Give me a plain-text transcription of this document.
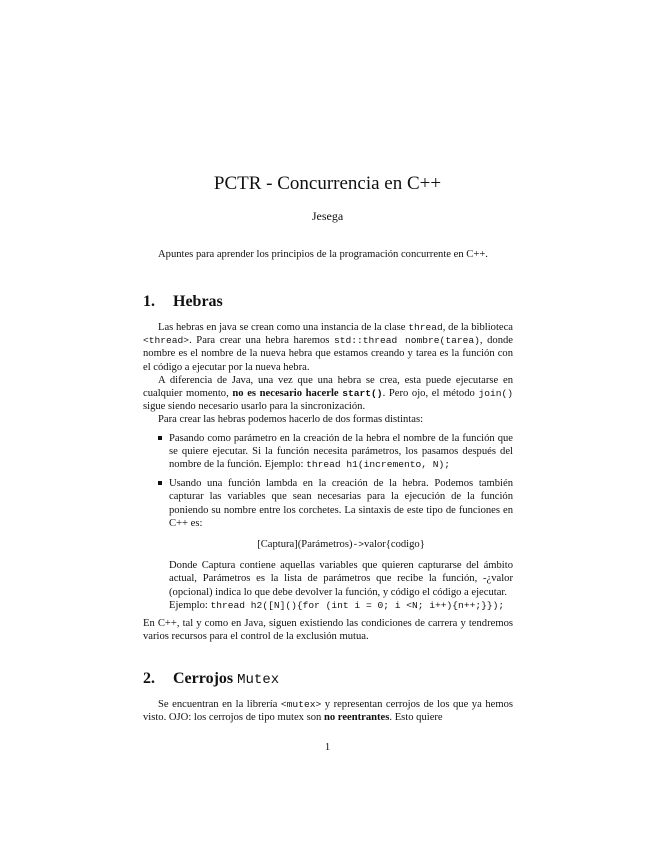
PCTR - Concurrencia en C++
Jesega

Apuntes para aprender los principios de la programación concurrente en C++.

1. Hebras

Las hebras en java se crean como una instancia de la clase thread, de la biblioteca <thread>. Para crear una hebra haremos std::thread nombre(tarea), donde nombre es el nombre de la nueva hebra que estamos creando y tarea es la función con el código a ejecutar por la nueva hebra.

A diferencia de Java, una vez que una hebra se crea, esta puede ejecutarse en cualquier momento, no es necesario hacerle start(). Pero ojo, el método join() sigue siendo necesario usarlo para la sincronización.

Para crear las hebras podemos hacerlo de dos formas distintas:

Pasando como parámetro en la creación de la hebra el nombre de la función que se quiere ejecutar. Si la función necesita parámetros, los pasamos después del nombre de la función. Ejemplo: thread h1(incremento, N);

Usando una función lambda en la creación de la hebra. Podemos también capturar las variables que sean necesarias para la ejecución de la función poniendo su nombre entre los corchetes. La sintaxis de este tipo de funciones en C++ es:

[Captura](Parámetros)->valor{codigo}

Donde Captura contiene aquellas variables que quieren capturarse del ámbito actual, Parámetros es la lista de parámetros que recibe la función, -¿valor (opcional) indica lo que debe devolver la función, y código el código a ejecutar.

Ejemplo: thread h2([N](){for (int i = 0; i <N; i++){n++;}});

En C++, tal y como en Java, siguen existiendo las condiciones de carrera y tendremos varios recursos para el control de la exclusión mutua.

2. Cerrojos Mutex

Se encuentran en la librería <mutex> y representan cerrojos de los que ya hemos visto. OJO: los cerrojos de tipo mutex son no reentrantes. Esto quiere

1
